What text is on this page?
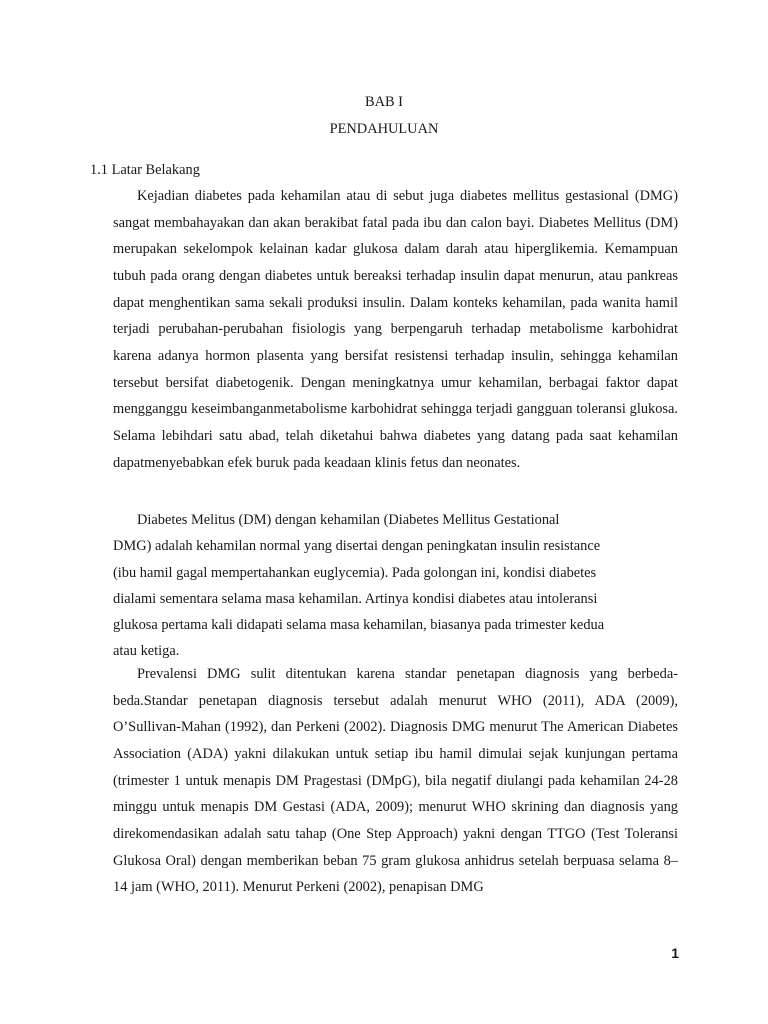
BAB I
PENDAHULUAN
1.1 Latar Belakang

Kejadian diabetes pada kehamilan atau di sebut juga diabetes mellitus gestasional (DMG) sangat membahayakan dan akan berakibat fatal pada ibu dan calon bayi. Diabetes Mellitus (DM) merupakan sekelompok kelainan kadar glukosa dalam darah atau hiperglikemia. Kemampuan tubuh pada orang dengan diabetes untuk bereaksi terhadap insulin dapat menurun, atau pankreas dapat menghentikan sama sekali produksi insulin. Dalam konteks kehamilan, pada wanita hamil terjadi perubahan-perubahan fisiologis yang berpengaruh terhadap metabolisme karbohidrat karena adanya hormon plasenta yang bersifat resistensi terhadap insulin, sehingga kehamilan tersebut bersifat diabetogenik. Dengan meningkatnya umur kehamilan, berbagai faktor dapat mengganggu keseimbanganmetabolisme karbohidrat sehingga terjadi gangguan toleransi glukosa. Selama lebihdari satu abad, telah diketahui bahwa diabetes yang datang pada saat kehamilan dapatmenyebabkan efek buruk pada keadaan klinis fetus dan neonates.

Diabetes Melitus (DM) dengan kehamilan (Diabetes Mellitus Gestational
DMG) adalah kehamilan normal yang disertai dengan peningkatan insulin resistance
(ibu hamil gagal mempertahankan euglycemia). Pada golongan ini, kondisi diabetes
dialami sementara selama masa kehamilan. Artinya kondisi diabetes atau intoleransi
glukosa pertama kali didapati selama masa kehamilan, biasanya pada trimester kedua
atau ketiga.

Prevalensi DMG sulit ditentukan karena standar penetapan diagnosis yang berbeda-beda.Standar penetapan diagnosis tersebut adalah menurut WHO (2011), ADA (2009), O’Sullivan-Mahan (1992), dan Perkeni (2002). Diagnosis DMG menurut The American Diabetes Association (ADA) yakni dilakukan untuk setiap ibu hamil dimulai sejak kunjungan pertama (trimester 1 untuk menapis DM Pragestasi (DMpG), bila negatif diulangi pada kehamilan 24-28 minggu untuk menapis DM Gestasi (ADA, 2009); menurut WHO skrining dan diagnosis yang direkomendasikan adalah satu tahap (One Step Approach) yakni dengan TTGO (Test Toleransi Glukosa Oral) dengan memberikan beban 75 gram glukosa anhidrus setelah berpuasa selama 8–14 jam (WHO, 2011). Menurut Perkeni (2002), penapisan DMG

1
